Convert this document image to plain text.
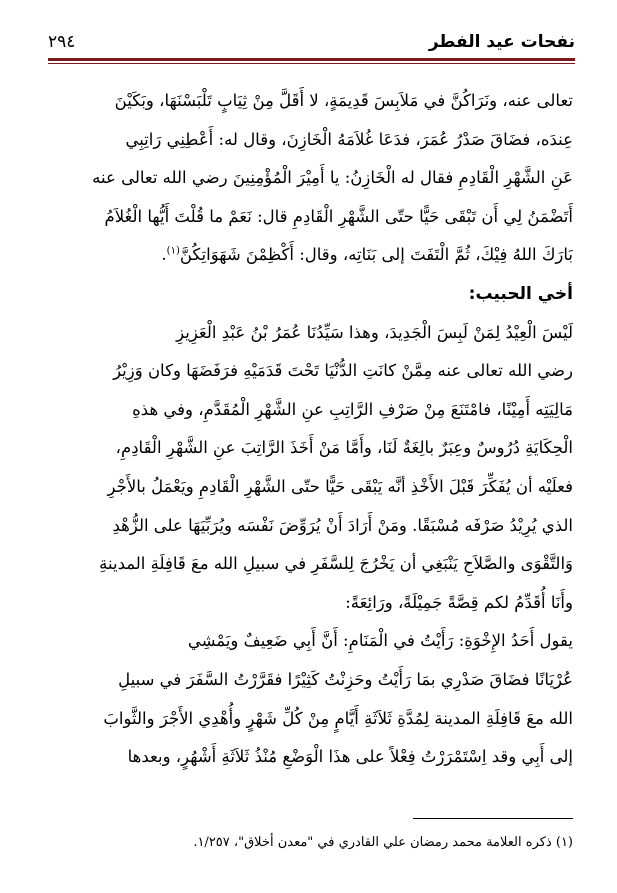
نفحات عيد الفطر
٢٩٤
تعالى عنه، ونَرَاكُنَّ في مَلاَبِسَ قَدِيمَةٍ، لا أَقَلَّ مِنْ ثِيَابٍ تَلْبَسْنَهَا، وبَكَيْنَ
عِندَه، فضَاقَ صَدْرُ عُمَرَ، فدَعَا غُلاَمَهُ الْخَازِنَ، وقال له: أَعْطِنِي رَاتِبِي
عَنِ الشَّهْرِ الْقَادِمِ فقال له الْخَازِنُ: يا أَمِيْرَ الْمُؤْمِنِينَ رضي الله تعالى عنه
أَتَضْمَنُ لِي أَن تَبْقَى حَيًّا حتّى الشَّهْرِ الْقَادِمِ قال: نَعَمْ ما قُلْتَ أَيُّها الْغُلاَمُ
بَارَكَ اللهُ فِيْكَ، ثُمَّ الْتَفَتَ إلى بَنَاتِه، وقال: أَكْظِمْنَ شَهَوَاتِكُنَّ$^{(١)}$.
أخي الحبيب:
لَيْسَ الْعِيْدُ لِمَنْ لَبِسَ الْجَدِيدَ، وهذا سَيِّدُنَا عُمَرُ بْنُ عَبْدِ الْعَزِيزِ
رضي الله تعالى عنه مِمَّنْ كانَتِ الدُّنْيَا تَحْتَ قَدَمَيْهِ فرَفَضَهَا وكان وَزِيْرُ
مَالِيَتِه أَمِيْنًا، فامْتَنَعَ مِنْ صَرْفِ الرَّاتِبِ عنِ الشَّهْرِ الْمُقَدَّمِ، وفي هذهِ
الْحِكَايَةِ دُرُوسٌ وعِبَرٌ بالِغَةٌ لَنَا، وأَمَّا مَنْ أَخَذَ الرَّاتِبَ عنِ الشَّهْرِ الْقَادِمِ،
فعلَيْه أن يُفَكِّرَ قَبْلَ الأَخْذِ أنَّه يَبْقَى حَيًّا حتّى الشَّهْرِ الْقَادِمِ ويَعْمَلُ بالأَجْرِ
الذي يُرِيْدُ صَرْفَه مُسْبَقًا. ومَنْ أَرَادَ أَنْ يُرَوِّضَ نَفْسَه ويُرَبِّيَهَا على الزُّهْدِ
وَالتَّقْوَى والصَّلاَحِ يَنْبَغِي أن يَخْرُجَ لِلسَّفَرِ في سبيلِ الله معَ قَافِلَةِ المدينةِ
وأَنَا أُقَدِّمُ لكم قِصَّةً جَمِيْلَةً، ورَائِعَةً:
يقول أَحَدُ الإِخْوَةِ: رَأَيْتُ في الْمَنَامِ: أَنَّ أَبِي ضَعِيفٌ ويَمْشِي
عُرْيَانًا فضَاقَ صَدْرِي بمَا رَأَيْتُ وحَزِنْتُ كَثِيْرًا فقَرَّرْتُ السَّفَرَ في سبيلِ
الله معَ قَافِلَةِ المدينة لِمُدَّةِ ثَلاَثَةِ أَيَّامٍ مِنْ كُلِّ شَهْرٍ وأُهْدِي الأَجْرَ والثَّوابَ
إلى أَبِي وقد اِسْتَمْرَرْتُ فِعْلاً على هذَا الْوَضْعِ مُنْذُ ثَلاَثَةِ أَشْهُرٍ، وبعدها
(١) ذكره العلامة محمد رمضان علي القادري في "معدن أخلاق"، ١/٢٥٧.
